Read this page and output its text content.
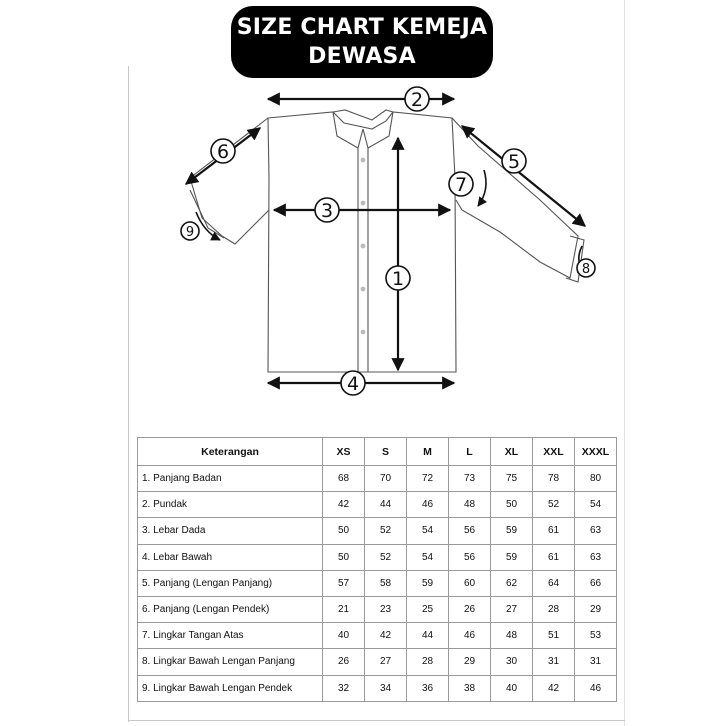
SIZE CHART KEMEJA
DEWASA
1
2
3
4
5
6
7
8
9
Keterangan	XS	S	M	L	XL	XXL	XXXL
1. Panjang Badan	68	70	72	73	75	78	80
2. Pundak	42	44	46	48	50	52	54
3. Lebar Dada	50	52	54	56	59	61	63
4. Lebar Bawah	50	52	54	56	59	61	63
5. Panjang (Lengan Panjang)	57	58	59	60	62	64	66
6. Panjang (Lengan Pendek)	21	23	25	26	27	28	29
7. Lingkar Tangan Atas	40	42	44	46	48	51	53
8. Lingkar Bawah Lengan Panjang	26	27	28	29	30	31	31
9. Lingkar Bawah Lengan Pendek	32	34	36	38	40	42	46
